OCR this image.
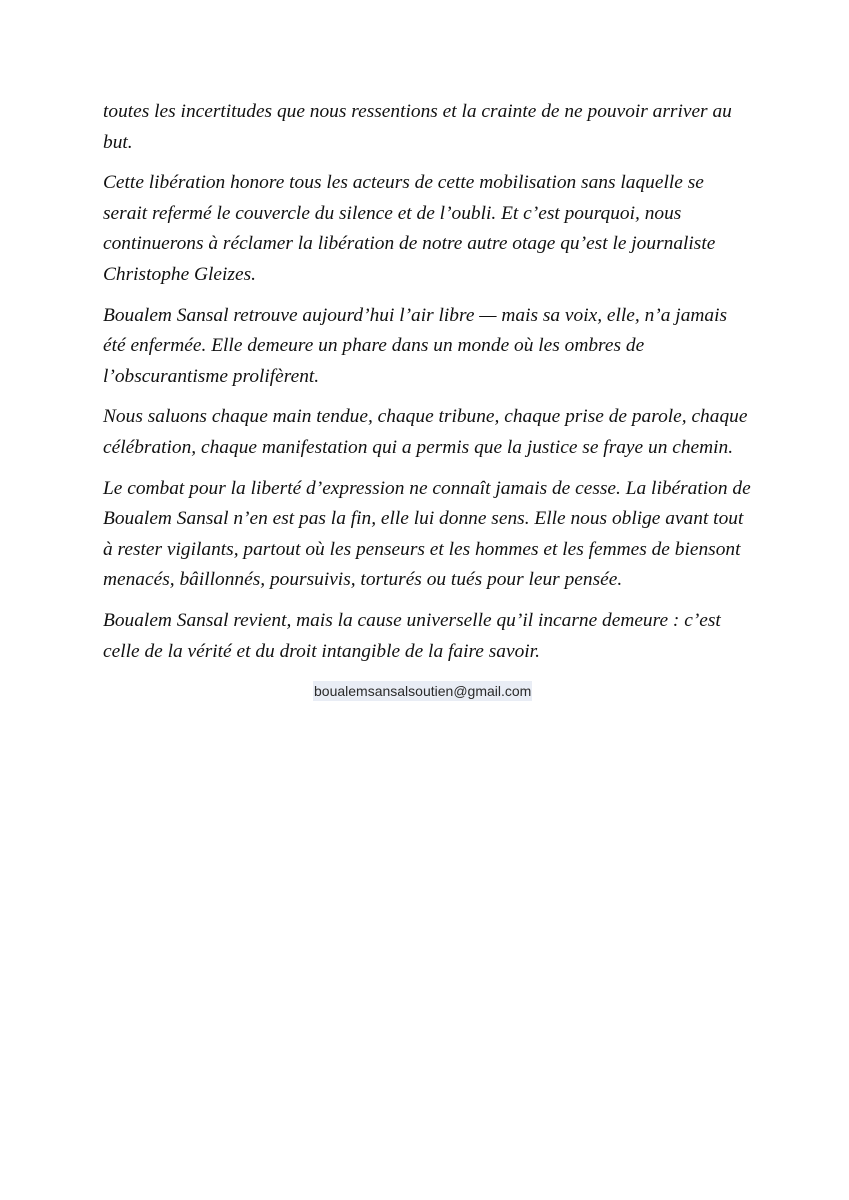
toutes les incertitudes que nous ressentions et la crainte de ne pouvoir arriver au
but.

Cette libération honore tous les acteurs de cette mobilisation sans laquelle se
serait refermé le couvercle du silence et de l’oubli. Et c’est pourquoi, nous
continuerons à réclamer la libération de notre autre otage qu’est le journaliste
Christophe Gleizes.

Boualem Sansal retrouve aujourd’hui l’air libre — mais sa voix, elle, n’a jamais
été enfermée. Elle demeure un phare dans un monde où les ombres de
l’obscurantisme prolifèrent.

Nous saluons chaque main tendue, chaque tribune, chaque prise de parole, chaque
célébration, chaque manifestation qui a permis que la justice se fraye un chemin.

Le combat pour la liberté d’expression ne connaît jamais de cesse. La libération de
Boualem Sansal n’en est pas la fin, elle lui donne sens. Elle nous oblige avant tout
à rester vigilants, partout où les penseurs et les hommes et les femmes de biensont
menacés, bâillonnés, poursuivis, torturés ou tués pour leur pensée.

Boualem Sansal revient, mais la cause universelle qu’il incarne demeure : c’est
celle de la vérité et du droit intangible de la faire savoir.

boualemsansalsoutien@gmail.com
